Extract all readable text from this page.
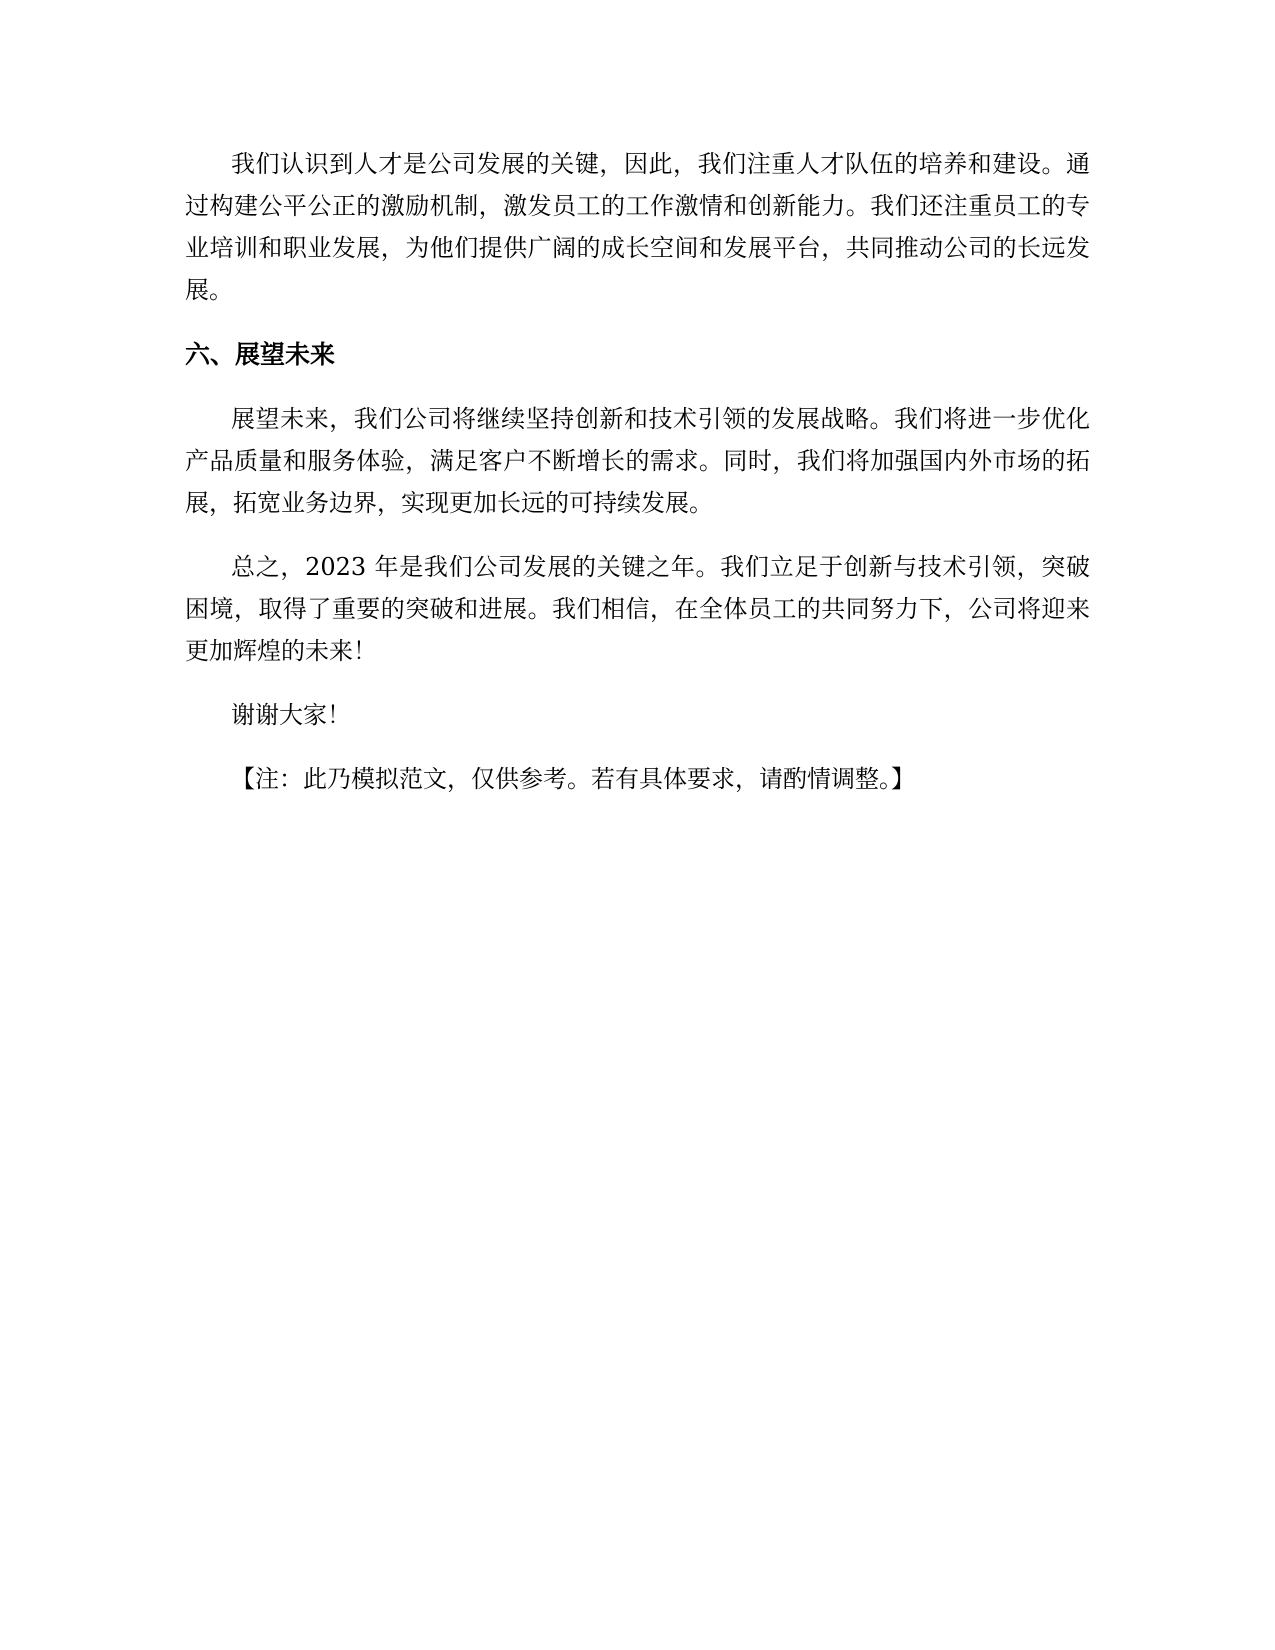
我们认识到人才是公司发展的关键，因此，我们注重人才队伍的培养和建设。通过构建公平公正的激励机制，激发员工的工作激情和创新能力。我们还注重员工的专业培训和职业发展，为他们提供广阔的成长空间和发展平台，共同推动公司的长远发展。

六、展望未来

展望未来，我们公司将继续坚持创新和技术引领的发展战略。我们将进一步优化产品质量和服务体验，满足客户不断增长的需求。同时，我们将加强国内外市场的拓展，拓宽业务边界，实现更加长远的可持续发展。

总之，2023 年是我们公司发展的关键之年。我们立足于创新与技术引领，突破困境，取得了重要的突破和进展。我们相信，在全体员工的共同努力下，公司将迎来更加辉煌的未来！

谢谢大家！

【注：此乃模拟范文，仅供参考。若有具体要求，请酌情调整。】
